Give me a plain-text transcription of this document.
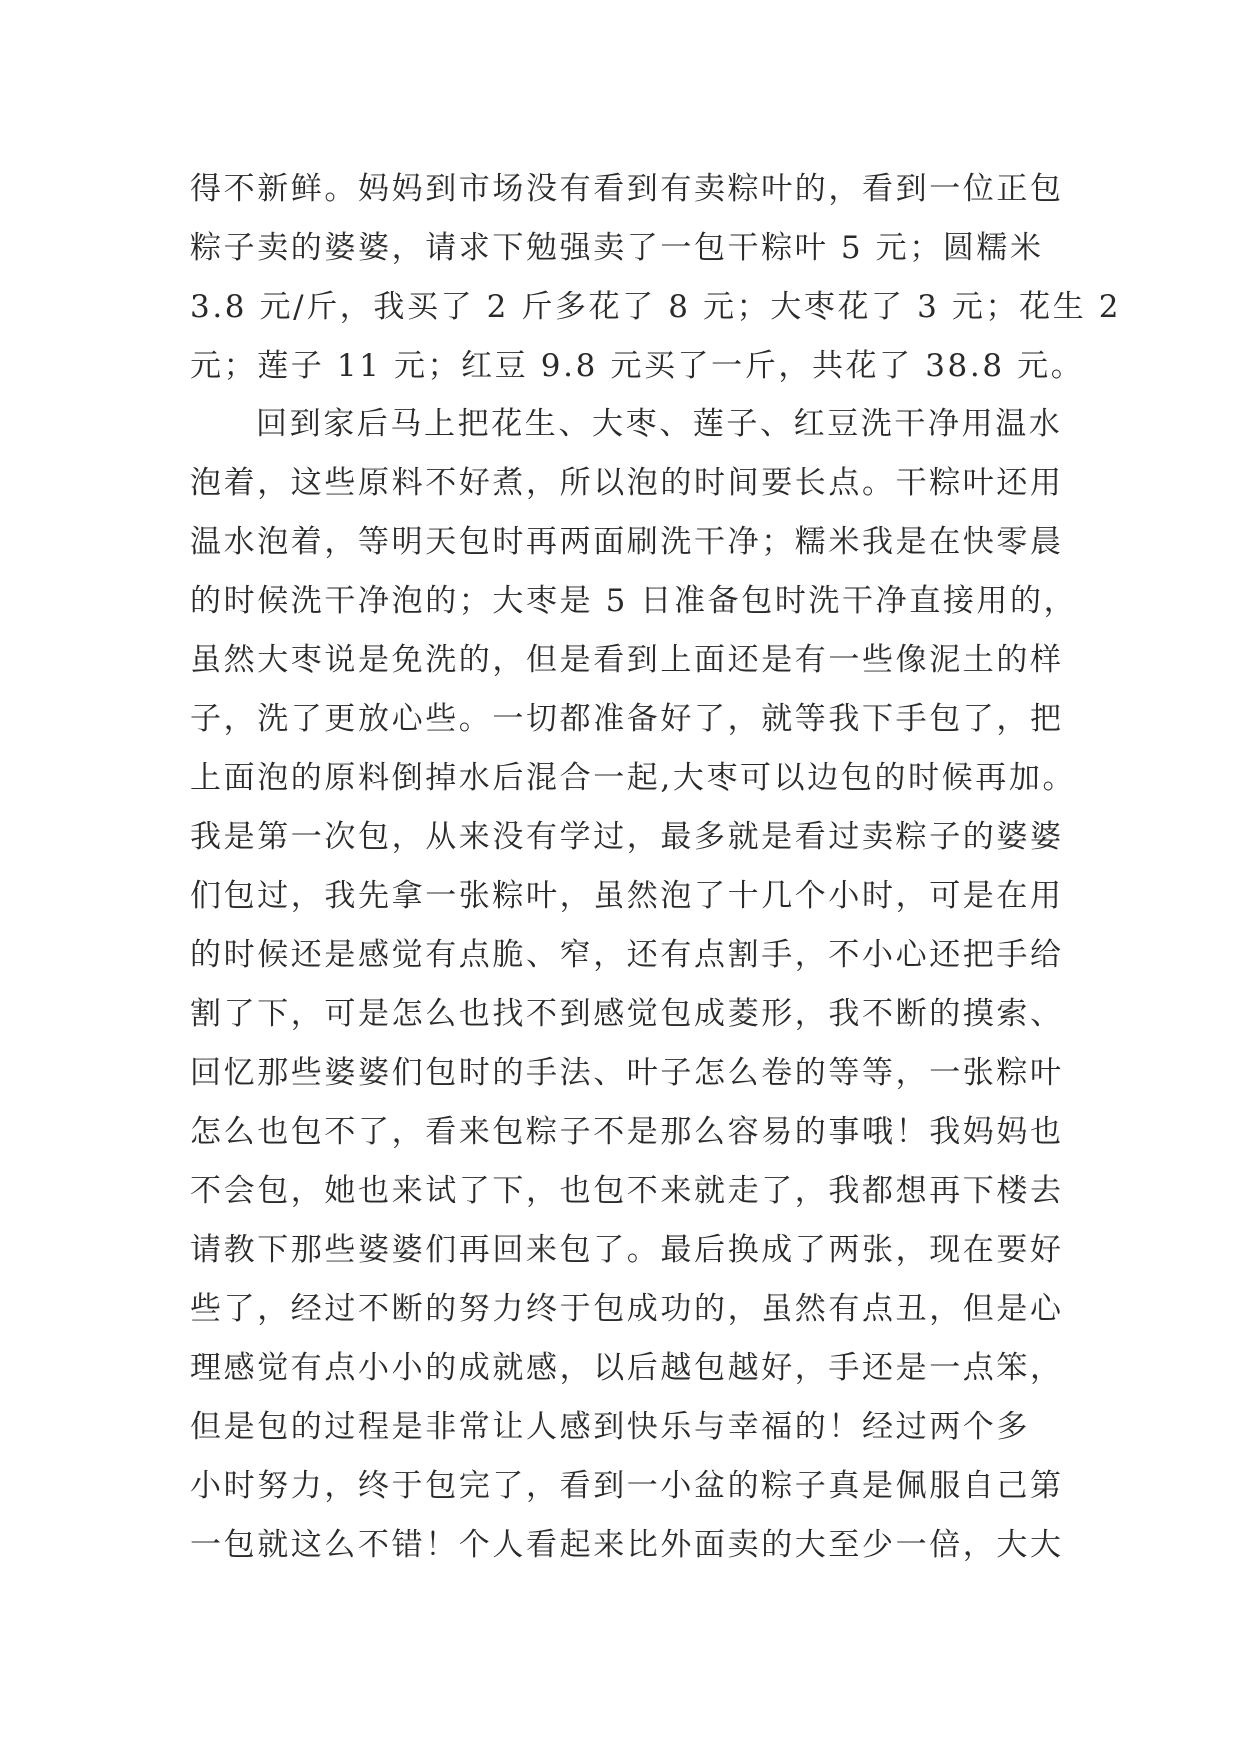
得不新鲜。妈妈到市场没有看到有卖粽叶的，看到一位正包
粽子卖的婆婆，请求下勉强卖了一包干粽叶 5 元；圆糯米
3.8 元/斤，我买了 2 斤多花了 8 元；大枣花了 3 元；花生 2
元；莲子 11 元；红豆 9.8 元买了一斤，共花了 38.8 元。
回到家后马上把花生、大枣、莲子、红豆洗干净用温水
泡着，这些原料不好煮，所以泡的时间要长点。干粽叶还用
温水泡着，等明天包时再两面刷洗干净；糯米我是在快零晨
的时候洗干净泡的；大枣是 5 日准备包时洗干净直接用的，
虽然大枣说是免洗的，但是看到上面还是有一些像泥土的样
子，洗了更放心些。一切都准备好了，就等我下手包了，把
上面泡的原料倒掉水后混合一起,大枣可以边包的时候再加。
我是第一次包，从来没有学过，最多就是看过卖粽子的婆婆
们包过，我先拿一张粽叶，虽然泡了十几个小时，可是在用
的时候还是感觉有点脆、窄，还有点割手，不小心还把手给
割了下，可是怎么也找不到感觉包成菱形，我不断的摸索、
回忆那些婆婆们包时的手法、叶子怎么卷的等等，一张粽叶
怎么也包不了，看来包粽子不是那么容易的事哦！我妈妈也
不会包，她也来试了下，也包不来就走了，我都想再下楼去
请教下那些婆婆们再回来包了。最后换成了两张，现在要好
些了，经过不断的努力终于包成功的，虽然有点丑，但是心
理感觉有点小小的成就感，以后越包越好，手还是一点笨，
但是包的过程是非常让人感到快乐与幸福的！经过两个多
小时努力，终于包完了，看到一小盆的粽子真是佩服自己第
一包就这么不错！个人看起来比外面卖的大至少一倍，大大
